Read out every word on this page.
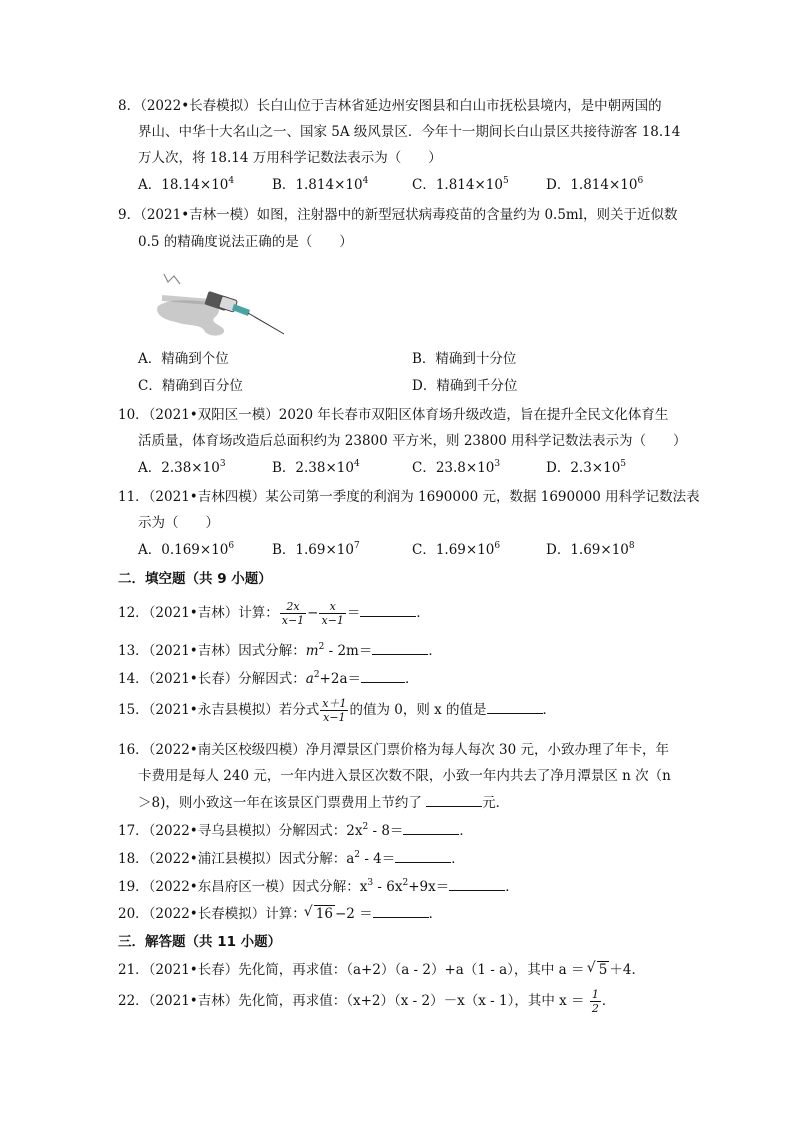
8．（2022•长春模拟）长白山位于吉林省延边州安图县和白山市抚松县境内，是中朝两国的
界山、中华十大名山之一、国家 5A 级风景区．今年十一期间长白山景区共接待游客 18.14
万人次，将 18.14 万用科学记数法表示为（　　）
A．$18.14\times 10^4$	B．$1.814\times 10^4$	C．$1.814\times 10^5$	D．$1.814\times 10^6$
9．（2021•吉林一模）如图，注射器中的新型冠状病毒疫苗的含量约为 0.5ml，则关于近似数
0.5 的精确度说法正确的是（　　）
A．精确到个位	B．精确到十分位
C．精确到百分位	D．精确到千分位
10．（2021•双阳区一模）2020 年长春市双阳区体育场升级改造，旨在提升全民文化体育生
活质量，体育场改造后总面积约为 23800 平方米，则 23800 用科学记数法表示为（　　）
A．$2.38\times 10^3$	B．$2.38\times 10^4$	C．$23.8\times 10^3$	D．$2.3\times 10^5$
11．（2021•吉林四模）某公司第一季度的利润为 1690000 元，数据 1690000 用科学记数法表
示为（　　）
A．$0.169\times 10^6$	B．$1.69\times 10^7$	C．$1.69\times 10^6$	D．$1.69\times 10^8$
二．填空题（共 9 小题）
12．（2021•吉林）计算： $\frac{2x}{x-1} - \frac{x}{x-1}$ ＝	．
13．（2021•吉林）因式分解：$m^2 - 2m=$	．
14．（2021•长春）分解因式：$a^2+2a=$	．
15．（2021•永吉县模拟）若分式 $\frac{x+1}{x-1}$ 的值为 0，则 x 的值是	．
16．（2022•南关区校级四模）净月潭景区门票价格为每人每次 30 元，小致办理了年卡，年
卡费用是每人 240 元，一年内进入景区次数不限，小致一年内共去了净月潭景区 n 次（n
＞8)，则小致这一年在该景区门票费用上节约了	元．
17．（2022•寻乌县模拟）分解因式：$2x^2 - 8=$	．
18．（2022•浦江县模拟）因式分解：$a^2 - 4=$	．
19．（2022•东昌府区一模）因式分解：$x^3 - 6x^2+9x=$	．
20．（2022•长春模拟）计算：√ 16 −2 ＝	．
三．解答题（共 11 小题）
21．（2021•长春）先化简，再求值：（a+2）（a - 2）+a（1 - a），其中 a ＝ √ 5 ＋4．
22．（2021•吉林）先化简，再求值：（x+2）（x - 2）－x（x - 1），其中 $x = \frac{1}{2}$ ．
